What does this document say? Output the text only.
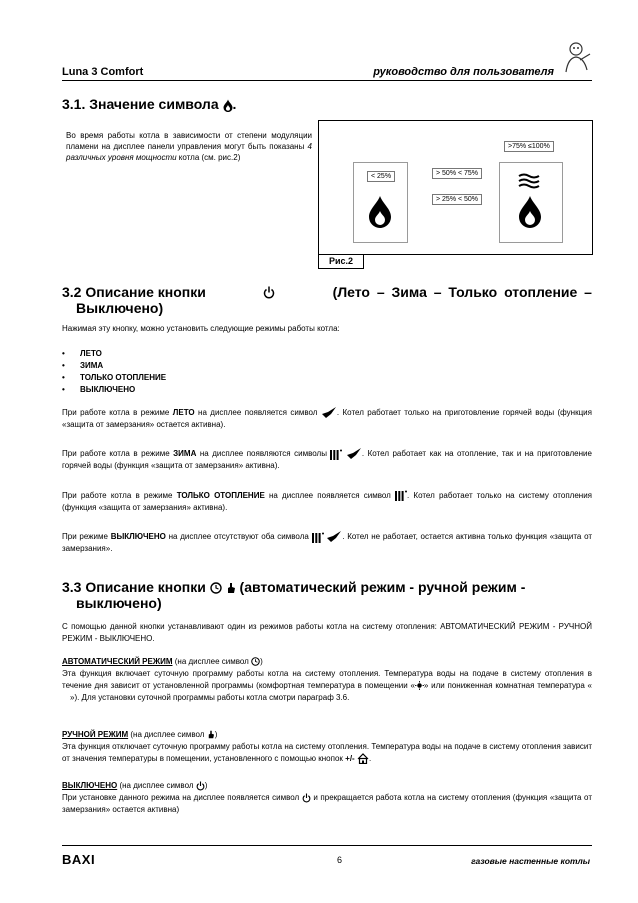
Luna 3 Comfort	руководство для пользователя
3.1. Значение символа .
Во время работы котла в зависимости от степени модуляции пламени на дисплее панели управления могут быть показаны 4 различных уровня мощности котла (см. рис.2)
< 25%
>75% ≤100%
> 50% < 75%
> 25% < 50%
Рис.2
3.2 Описание кнопки	(Лето – Зима – Только отопление –
Выключено)
Нажимая эту кнопку, можно установить следующие режимы работы котла:
• ЛЕТО
• ЗИМА
• ТОЛЬКО ОТОПЛЕНИЕ
• ВЫКЛЮЧЕНО
При работе котла в режиме ЛЕТО на дисплее появляется символ . Котел работает только на приготовление горячей воды (функция «защита от замерзания» остается активна).
При работе котла в режиме ЗИМА на дисплее появляются символы	. Котел работает как на отопление, так и на приготовление горячей воды (функция «защита от замерзания» активна).
При работе котла в режиме ТОЛЬКО ОТОПЛЕНИЕ на дисплее появляется символ . Котел работает только на систему отопления (функция «защита от замерзания» активна).
При режиме ВЫКЛЮЧЕНО на дисплее отсутствуют оба символа	. Котел не работает, остается активна только функция «защита от замерзания».
3.3 Описание кнопки (автоматический режим - ручной режим -
выключено)
С помощью данной кнопки устанавливают один из режимов работы котла на систему отопления: АВТОМАТИЧЕСКИЙ РЕЖИМ - РУЧНОЙ РЕЖИМ - ВЫКЛЮЧЕНО.
АВТОМАТИЧЕСКИЙ РЕЖИМ (на дисплее символ )
Эта функция включает суточную программу работы котла на систему отопления. Температура воды на подаче в систему отопления в течение дня зависит от установленной программы (комфортная температура в помещении « » или пониженная комнатная температура « »). Для установки суточной программы работы котла смотри параграф 3.6.
РУЧНОЙ РЕЖИМ (на дисплее символ )
Эта функция отключает суточную программу работы котла на систему отопления. Температура воды на подаче в систему отопления зависит от значения температуры в помещении, установленного с помощью кнопок +/- .
ВЫКЛЮЧЕНО (на дисплее символ )
При установке данного режима на дисплее появляется символ и прекращается работа котла на систему отопления (функция «защита от замерзания» остается активна)
BAXI	6	газовые настенные котлы
